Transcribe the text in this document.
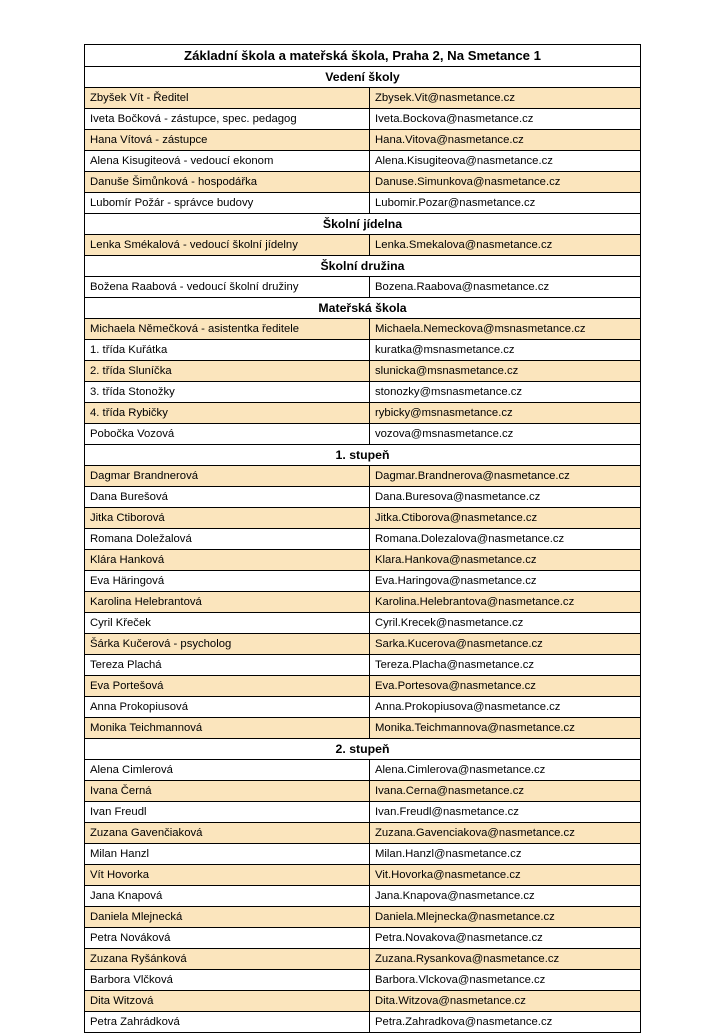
Základní škola a mateřská škola, Praha 2, Na Smetance 1	
Vedení školy	
Zbyšek Vít - Ředitel	Zbysek.Vit@nasmetance.cz
Iveta Bočková - zástupce, spec. pedagog	Iveta.Bockova@nasmetance.cz
Hana Vítová - zástupce	Hana.Vitova@nasmetance.cz
Alena Kisugiteová - vedoucí ekonom	Alena.Kisugiteova@nasmetance.cz
Danuše Šimůnková - hospodářka	Danuse.Simunkova@nasmetance.cz
Lubomír Požár - správce budovy	Lubomir.Pozar@nasmetance.cz
Školní jídelna	
Lenka Smékalová - vedoucí školní jídelny	Lenka.Smekalova@nasmetance.cz
Školní družina	
Božena Raabová - vedoucí školní družiny	Bozena.Raabova@nasmetance.cz
Mateřská škola	
Michaela Němečková - asistentka ředitele	Michaela.Nemeckova@msnasmetance.cz
1. třída Kuřátka	kuratka@msnasmetance.cz
2. třída Sluníčka	slunicka@msnasmetance.cz
3. třída Stonožky	stonozky@msnasmetance.cz
4. třída Rybičky	rybicky@msnasmetance.cz
Pobočka Vozová	vozova@msnasmetance.cz
1. stupeň	
Dagmar Brandnerová	Dagmar.Brandnerova@nasmetance.cz
Dana Burešová	Dana.Buresova@nasmetance.cz
Jitka Ctiborová	Jitka.Ctiborova@nasmetance.cz
Romana Doležalová	Romana.Dolezalova@nasmetance.cz
Klára Hanková	Klara.Hankova@nasmetance.cz
Eva Häringová	Eva.Haringova@nasmetance.cz
Karolina Helebrantová	Karolina.Helebrantova@nasmetance.cz
Cyril Křeček	Cyril.Krecek@nasmetance.cz
Šárka Kučerová - psycholog	Sarka.Kucerova@nasmetance.cz
Tereza Plachá	Tereza.Placha@nasmetance.cz
Eva Portešová	Eva.Portesova@nasmetance.cz
Anna Prokopiusová	Anna.Prokopiusova@nasmetance.cz
Monika Teichmannová	Monika.Teichmannova@nasmetance.cz
2. stupeň	
Alena Cimlerová	Alena.Cimlerova@nasmetance.cz
Ivana Černá	Ivana.Cerna@nasmetance.cz
Ivan Freudl	Ivan.Freudl@nasmetance.cz
Zuzana Gavenčiaková	Zuzana.Gavenciakova@nasmetance.cz
Milan Hanzl	Milan.Hanzl@nasmetance.cz
Vít Hovorka	Vit.Hovorka@nasmetance.cz
Jana Knapová	Jana.Knapova@nasmetance.cz
Daniela Mlejnecká	Daniela.Mlejnecka@nasmetance.cz
Petra Nováková	Petra.Novakova@nasmetance.cz
Zuzana Ryšánková	Zuzana.Rysankova@nasmetance.cz
Barbora Vlčková	Barbora.Vlckova@nasmetance.cz
Dita Witzová	Dita.Witzova@nasmetance.cz
Petra Zahrádková	Petra.Zahradkova@nasmetance.cz
